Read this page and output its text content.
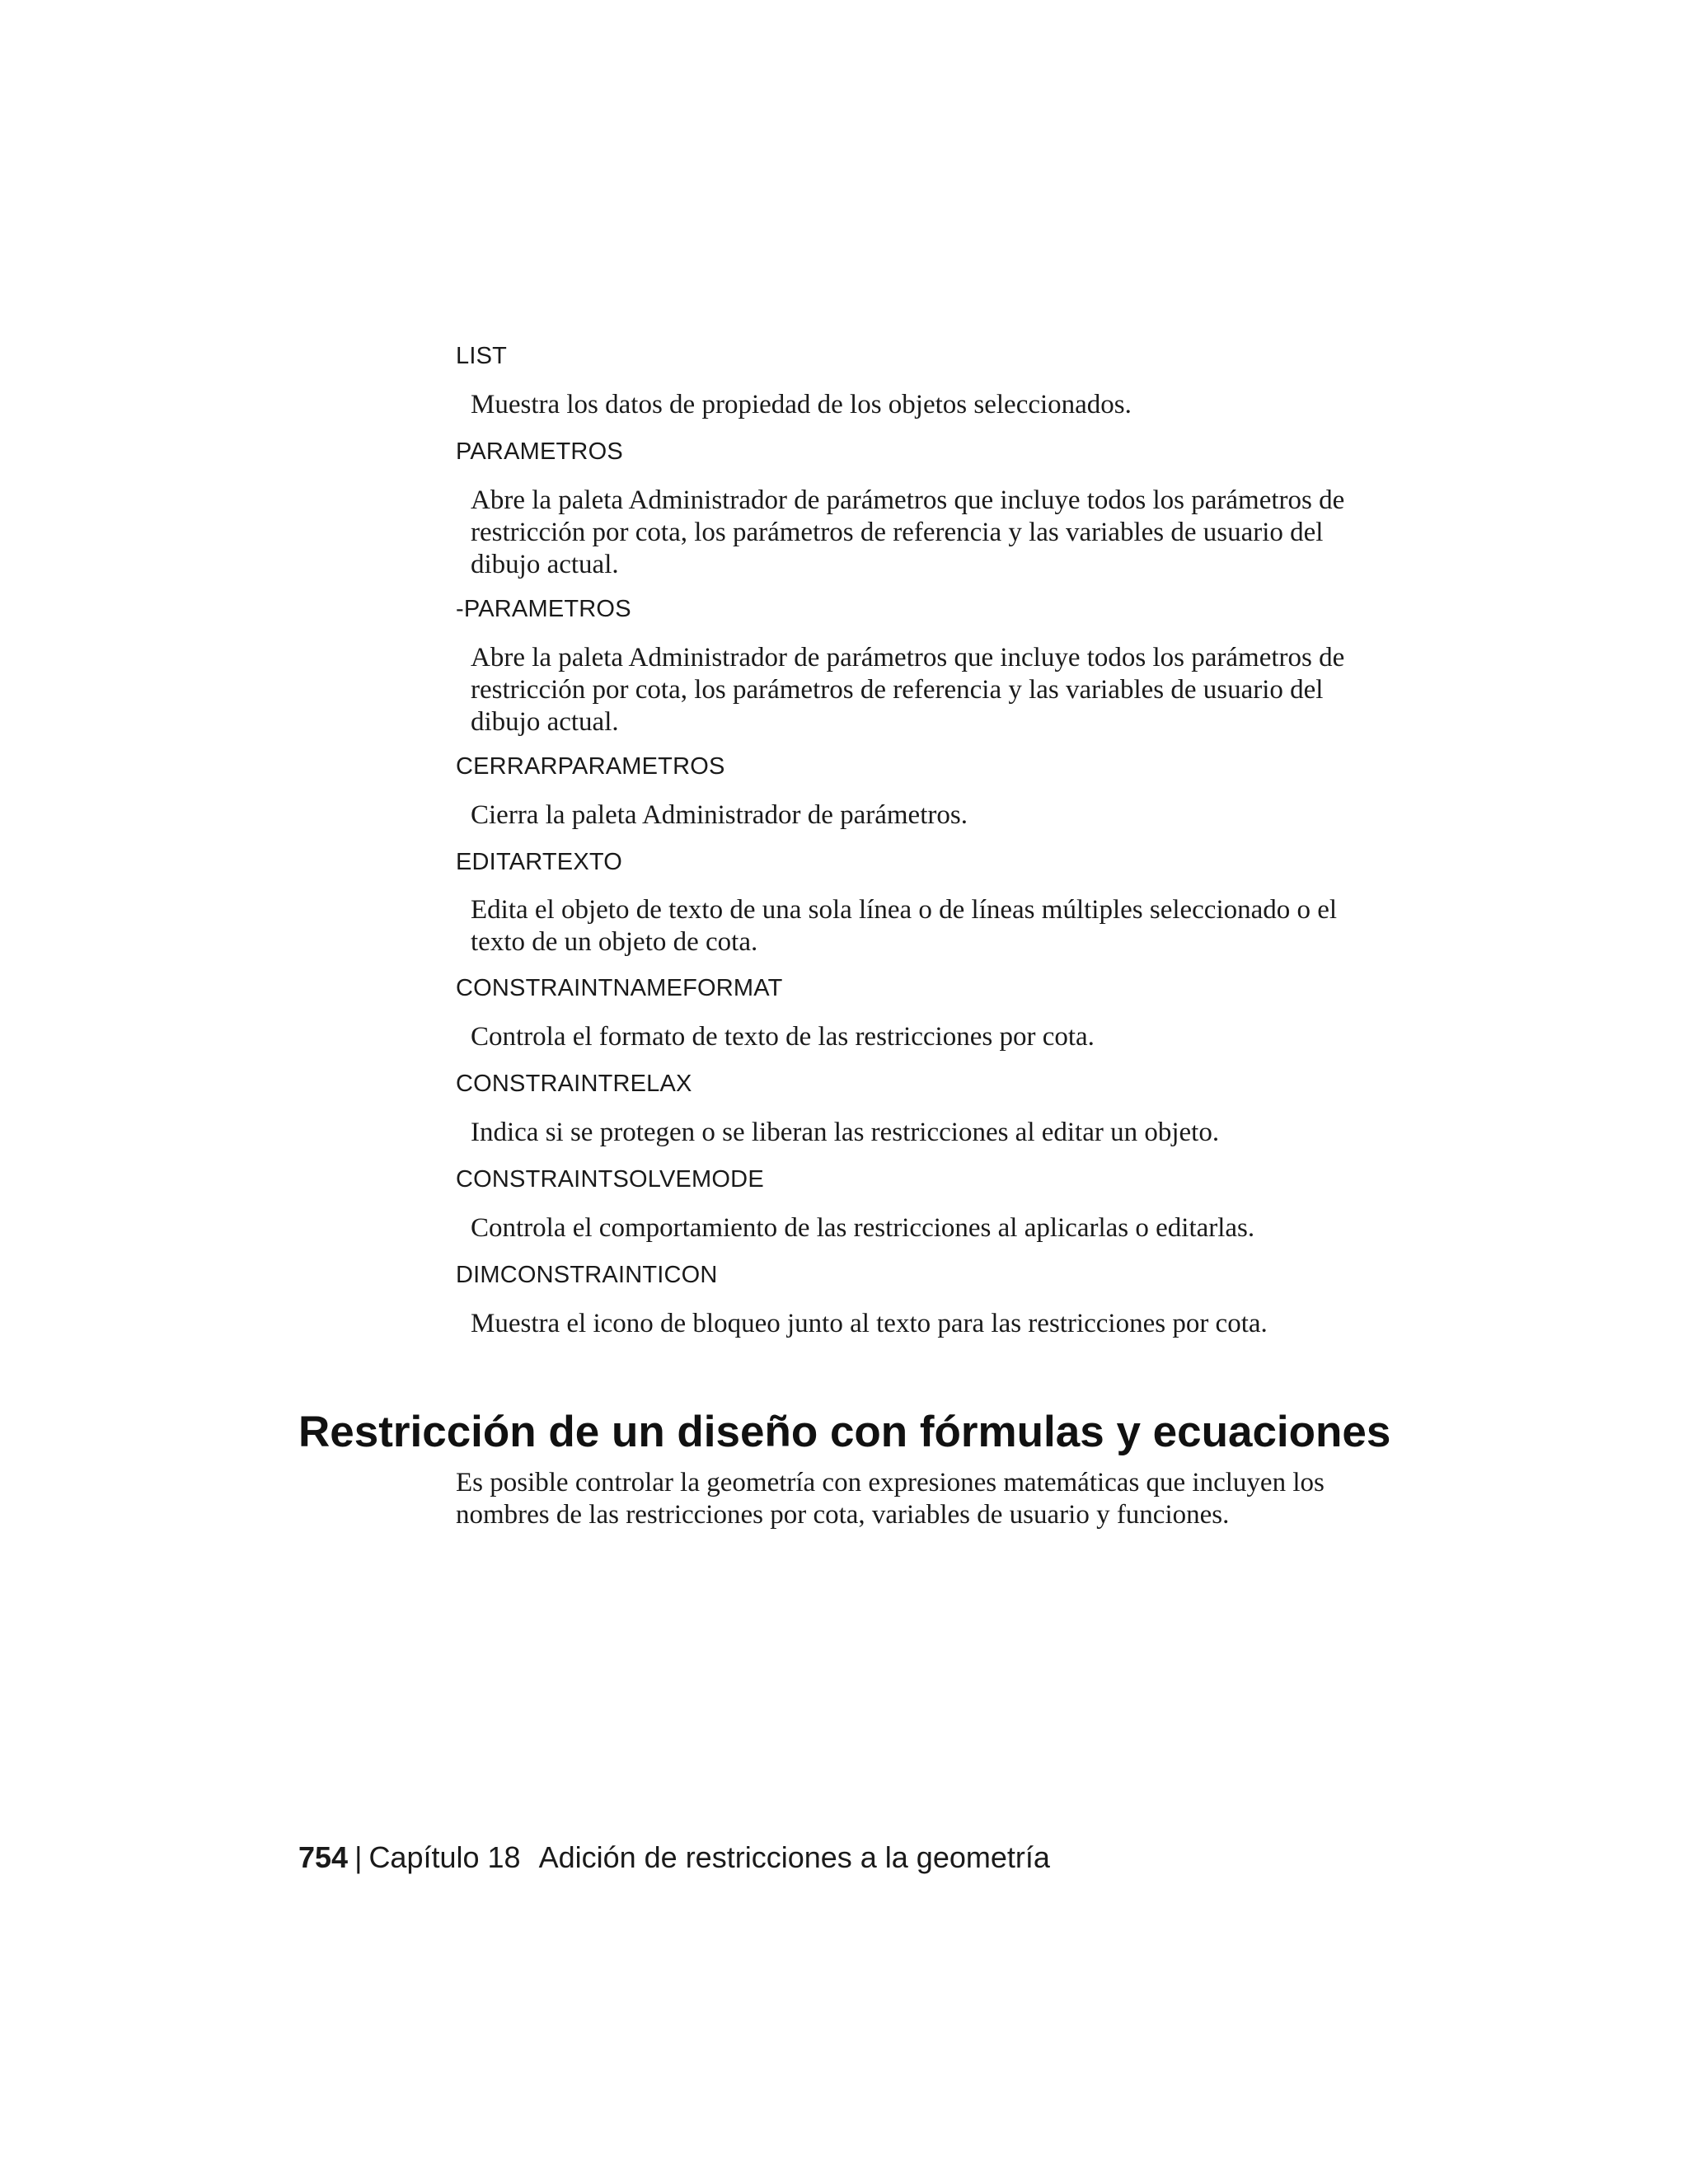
LIST
Muestra los datos de propiedad de los objetos seleccionados.
PARAMETROS
Abre la paleta Administrador de parámetros que incluye todos los parámetros de restricción por cota, los parámetros de referencia y las variables de usuario del dibujo actual.
-PARAMETROS
Abre la paleta Administrador de parámetros que incluye todos los parámetros de restricción por cota, los parámetros de referencia y las variables de usuario del dibujo actual.
CERRARPARAMETROS
Cierra la paleta Administrador de parámetros.
EDITARTEXTO
Edita el objeto de texto de una sola línea o de líneas múltiples seleccionado o el texto de un objeto de cota.
CONSTRAINTNAMEFORMAT
Controla el formato de texto de las restricciones por cota.
CONSTRAINTRELAX
Indica si se protegen o se liberan las restricciones al editar un objeto.
CONSTRAINTSOLVEMODE
Controla el comportamiento de las restricciones al aplicarlas o editarlas.
DIMCONSTRAINTICON
Muestra el icono de bloqueo junto al texto para las restricciones por cota.
Restricción de un diseño con fórmulas y ecuaciones

Es posible controlar la geometría con expresiones matemáticas que incluyen los nombres de las restricciones por cota, variables de usuario y funciones.

754 | Capítulo 18 Adición de restricciones a la geometría
